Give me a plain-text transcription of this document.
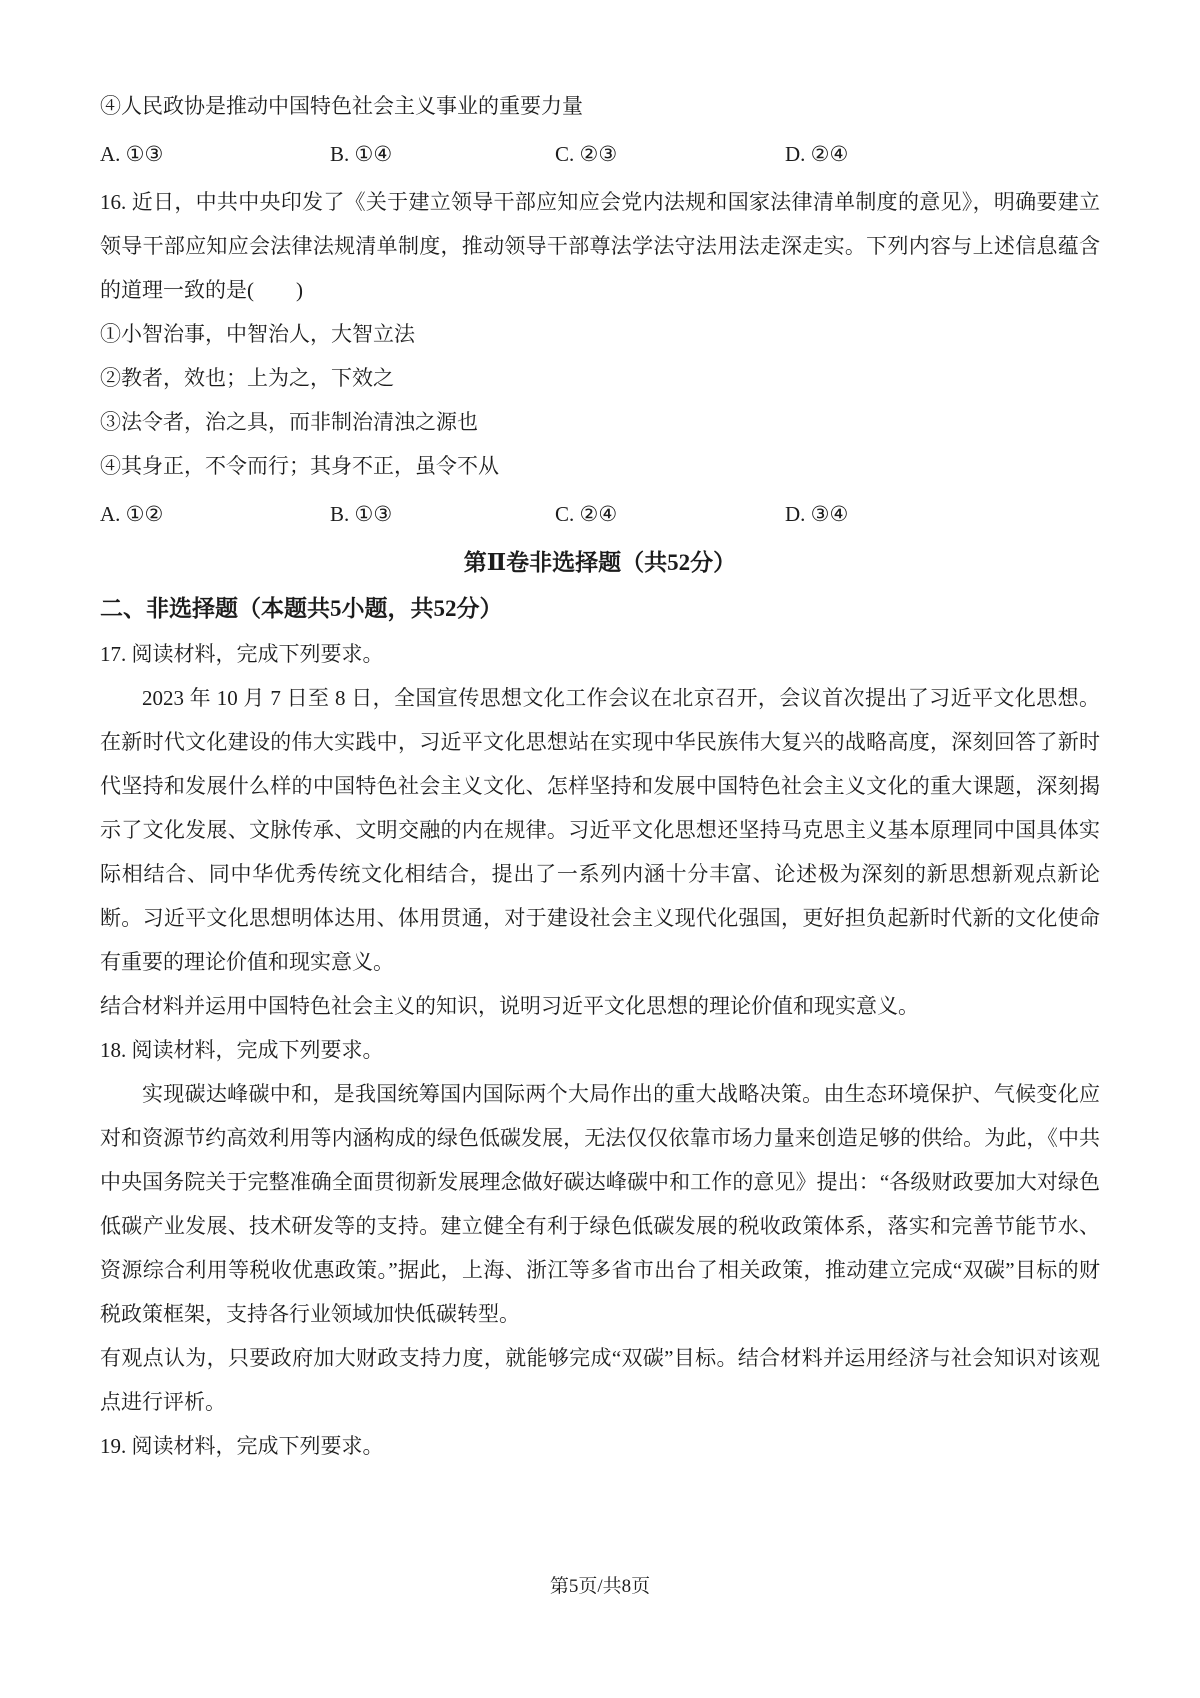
④人民政协是推动中国特色社会主义事业的重要力量

A. ①③	B. ①④	C. ②③	D. ②④

16. 近日，中共中央印发了《关于建立领导干部应知应会党内法规和国家法律清单制度的意见》，明确要建立领导干部应知应会法律法规清单制度，推动领导干部尊法学法守法用法走深走实。下列内容与上述信息蕴含的道理一致的是(　　)

①小智治事，中智治人，大智立法

②教者，效也；上为之，下效之

③法令者，治之具，而非制治清浊之源也

④其身正，不令而行；其身不正，虽令不从

A. ①②	B. ①③	C. ②④	D. ③④
第Ⅱ卷非选择题（共52分）
二、非选择题（本题共5小题，共52分）

17. 阅读材料，完成下列要求。

2023 年 10 月 7 日至 8 日，全国宣传思想文化工作会议在北京召开，会议首次提出了习近平文化思想。在新时代文化建设的伟大实践中，习近平文化思想站在实现中华民族伟大复兴的战略高度，深刻回答了新时代坚持和发展什么样的中国特色社会主义文化、怎样坚持和发展中国特色社会主义文化的重大课题，深刻揭示了文化发展、文脉传承、文明交融的内在规律。习近平文化思想还坚持马克思主义基本原理同中国具体实际相结合、同中华优秀传统文化相结合，提出了一系列内涵十分丰富、论述极为深刻的新思想新观点新论断。习近平文化思想明体达用、体用贯通，对于建设社会主义现代化强国，更好担负起新时代新的文化使命有重要的理论价值和现实意义。

结合材料并运用中国特色社会主义的知识，说明习近平文化思想的理论价值和现实意义。

18. 阅读材料，完成下列要求。

实现碳达峰碳中和，是我国统筹国内国际两个大局作出的重大战略决策。由生态环境保护、气候变化应对和资源节约高效利用等内涵构成的绿色低碳发展，无法仅仅依靠市场力量来创造足够的供给。为此，《中共中央国务院关于完整准确全面贯彻新发展理念做好碳达峰碳中和工作的意见》提出：“各级财政要加大对绿色低碳产业发展、技术研发等的支持。建立健全有利于绿色低碳发展的税收政策体系，落实和完善节能节水、资源综合利用等税收优惠政策。”据此，上海、浙江等多省市出台了相关政策，推动建立完成“双碳”目标的财税政策框架，支持各行业领域加快低碳转型。

有观点认为，只要政府加大财政支持力度，就能够完成“双碳”目标。结合材料并运用经济与社会知识对该观点进行评析。

19. 阅读材料，完成下列要求。

第5页/共8页
